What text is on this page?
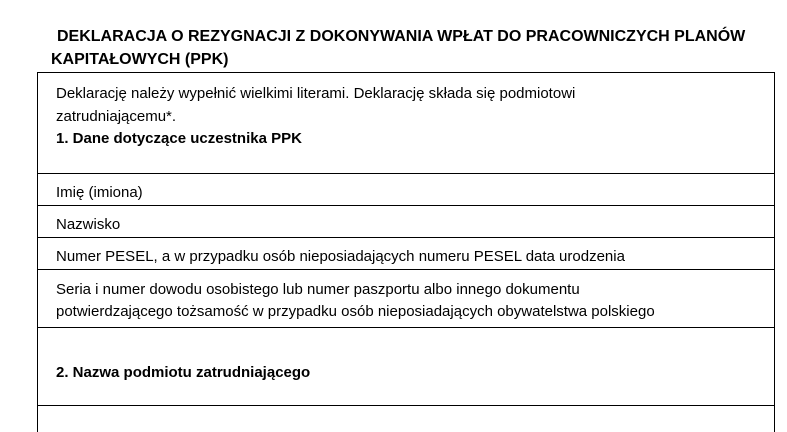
DEKLARACJA O REZYGNACJI Z DOKONYWANIA WPŁAT DO PRACOWNICZYCH PLANÓW
KAPITAŁOWYCH (PPK)
Deklarację należy wypełnić wielkimi literami. Deklarację składa się podmiotowi
zatrudniającemu*.
1. Dane dotyczące uczestnika PPK
Imię (imiona)
Nazwisko
Numer PESEL, a w przypadku osób nieposiadających numeru PESEL data urodzenia
Seria i numer dowodu osobistego lub numer paszportu albo innego dokumentu
potwierdzającego tożsamość w przypadku osób nieposiadających obywatelstwa polskiego
2. Nazwa podmiotu zatrudniającego
